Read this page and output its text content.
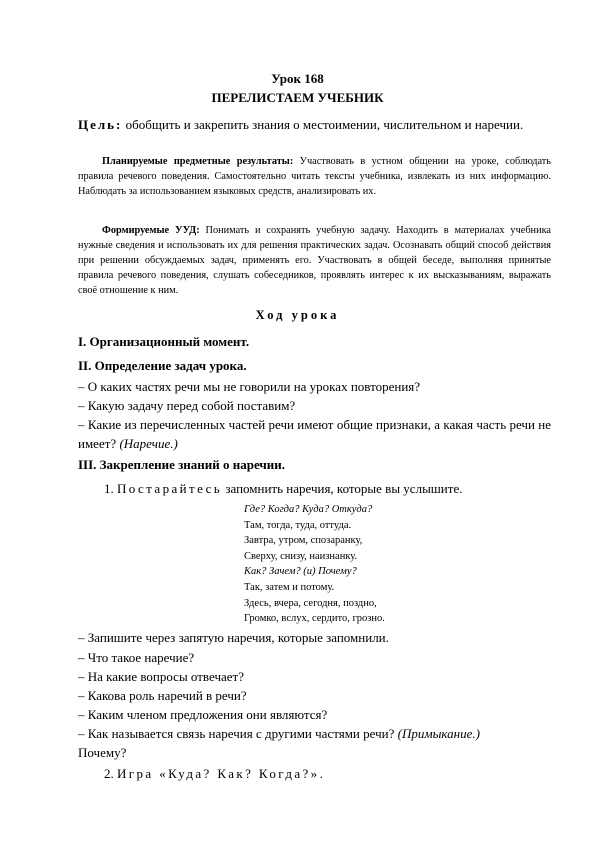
Урок 168
ПЕРЕЛИСТАЕМ УЧЕБНИК
Цель: обобщить и закрепить знания о местоимении, числительном и наречии.
Планируемые предметные результаты: Участвовать в устном общении на уроке, соблюдать правила речевого поведения. Самостоятельно читать тексты учебника, извлекать из них информацию. Наблюдать за использованием языковых средств, анализировать их.
Формируемые УУД: Понимать и сохранять учебную задачу. Находить в материалах учебника нужные сведения и использовать их для решения практических задач. Осознавать общий способ действия при решении обсуждаемых задач, применять его. Участвовать в общей беседе, выполняя принятые правила речевого поведения, слушать собеседников, проявлять интерес к их высказываниям, выражать своё отношение к ним.
Ход урока
I. Организационный момент.
II. Определение задач урока.
– О каких частях речи мы не говорили на уроках повторения?
– Какую задачу перед собой поставим?
– Какие из перечисленных частей речи имеют общие признаки, а какая часть речи не имеет? (Наречие.)
III. Закрепление знаний о наречии.
1. Постарайтесь запомнить наречия, которые вы услышите.
Где? Когда? Куда? Откуда?
Там, тогда, туда, оттуда.
Завтра, утром, спозаранку,
Сверху, снизу, наизнанку.
Как? Зачем? (и) Почему?
Так, затем и потому.
Здесь, вчера, сегодня, поздно,
Громко, вслух, сердито, грозно.
– Запишите через запятую наречия, которые запомнили.
– Что такое наречие?
– На какие вопросы отвечает?
– Какова роль наречий в речи?
– Каким членом предложения они являются?
– Как называется связь наречия с другими частями речи? (Примыкание.)
Почему?
2. Игра «Куда? Как? Когда?».
